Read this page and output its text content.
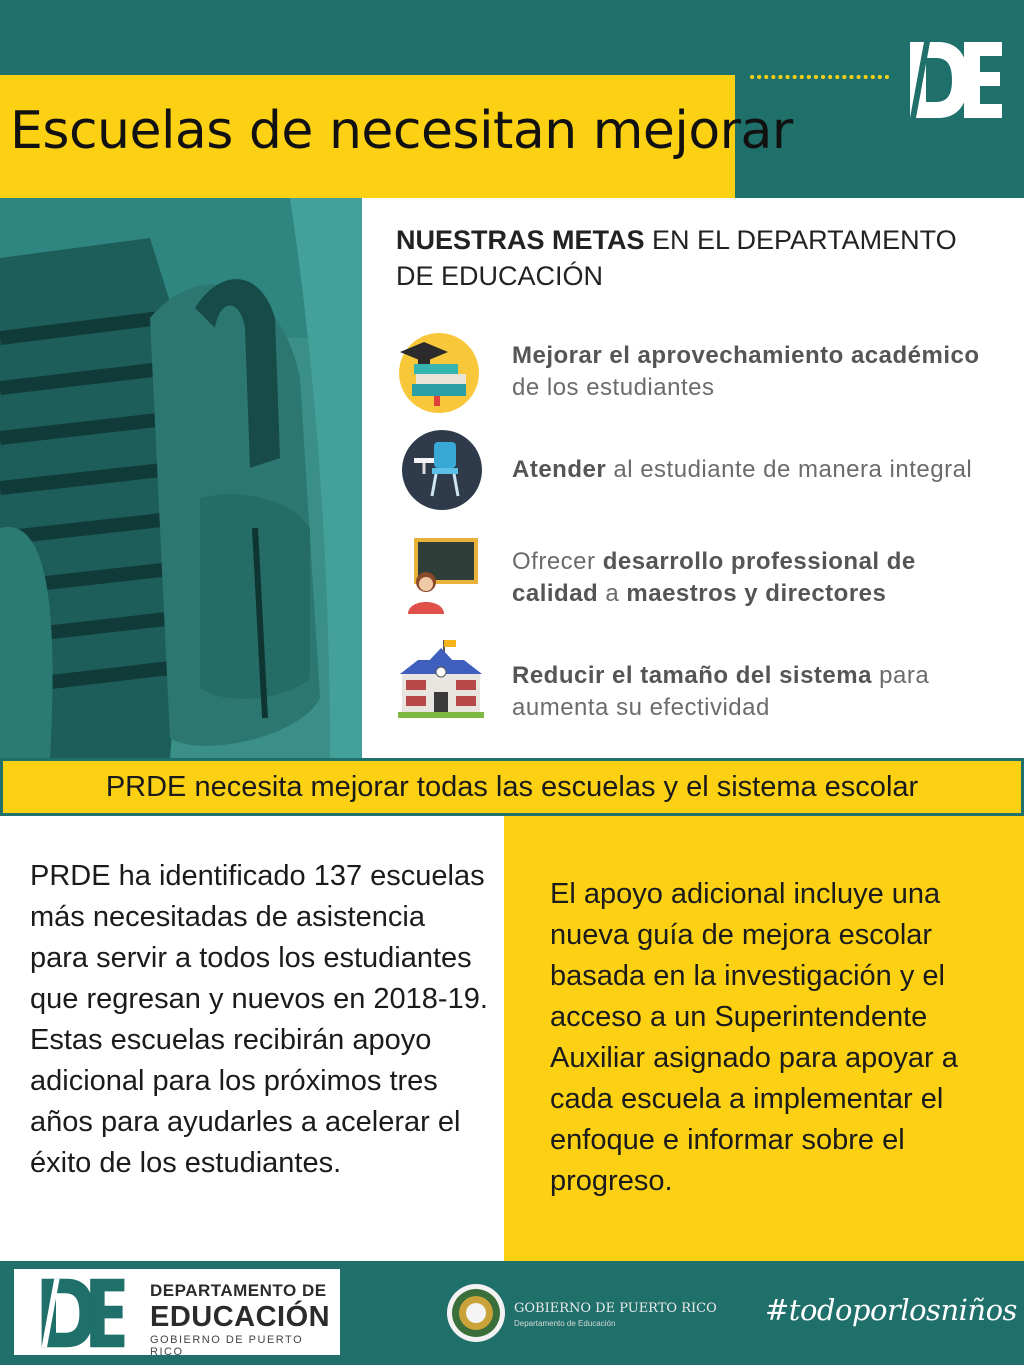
Escuelas de necesitan mejorar
NUESTRAS METAS EN EL DEPARTAMENTO DE EDUCACIÓN
Mejorar el aprovechamiento académico de los estudiantes
Atender al estudiante de manera integral
Ofrecer desarrollo professional de calidad a maestros y directores
Reducir el tamaño del sistema para aumenta su efectividad
PRDE necesita mejorar todas las escuelas y el sistema escolar

PRDE ha identificado 137 escuelas más necesitadas de asistencia para servir a todos los estudiantes que regresan y nuevos en 2018-19. Estas escuelas recibirán apoyo adicional para los próximos tres años para ayudarles a acelerar el éxito de los estudiantes.

El apoyo adicional incluye una nueva guía de mejora escolar basada en la investigación y el acceso a un Superintendente Auxiliar asignado para apoyar a cada escuela a implementar el enfoque e informar sobre el progreso.

DEPARTAMENTO DE
EDUCACIÓN
GOBIERNO DE PUERTO RICO
GOBIERNO DE PUERTO RICO
Departamento de Educación	#todoporlosniños
